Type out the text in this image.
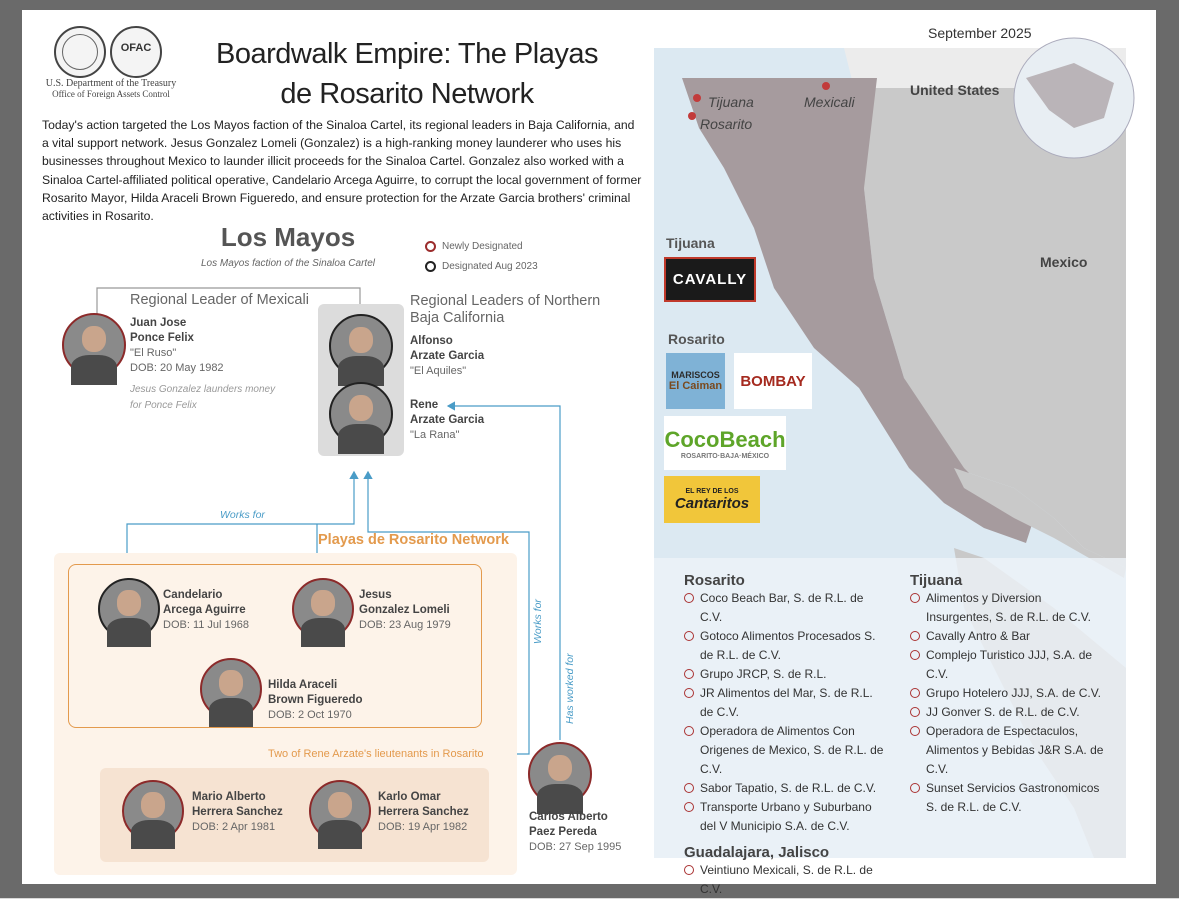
OFAC
U.S. Department of the Treasury
Office of Foreign Assets Control
Boardwalk Empire: The Playas
de Rosarito Network
September 2025
Today's action targeted the Los Mayos faction of the Sinaloa Cartel, its regional leaders in Baja California, and a vital support network. Jesus Gonzalez Lomeli (Gonzalez) is a high-ranking money launderer who uses his businesses throughout Mexico to launder illicit proceeds for the Sinaloa Cartel. Gonzalez also worked with a Sinaloa Cartel-affiliated political operative, Candelario Arcega Aguirre, to corrupt the local government of former Rosarito Mayor, Hilda Araceli Brown Figueredo, and ensure protection for the Arzate Garcia brothers' criminal activities in Rosarito.
Los Mayos
Los Mayos faction of the Sinaloa Cartel
Newly Designated
Designated Aug 2023
Regional Leader of Mexicali
Juan Jose
Ponce Felix
"El Ruso"
DOB: 20 May 1982
Jesus Gonzalez launders money
for Ponce Felix
Regional Leaders of Northern
Baja California
Alfonso
Arzate Garcia
"El Aquiles"
Rene
Arzate Garcia
"La Rana"
Works for
Works for
Has worked for
Playas de Rosarito Network
Candelario
Arcega Aguirre
DOB: 11 Jul 1968
Jesus
Gonzalez Lomeli
DOB: 23 Aug 1979
Hilda Araceli
Brown Figueredo
DOB: 2 Oct 1970
Two of Rene Arzate's lieutenants in Rosarito
Mario Alberto
Herrera Sanchez
DOB: 2 Apr 1981
Karlo Omar
Herrera Sanchez
DOB: 19 Apr 1982
Carlos Alberto
Paez Pereda
DOB: 27 Sep 1995
Tijuana
Rosarito
Mexicali
United States
Mexico
Tijuana
CAVALLY
Rosarito
MARISCOS
El Caiman	BOMBAY
CocoBeach
ROSARITO·BAJA·MÉXICO
EL REY DE LOS
Cantaritos
Rosarito
Coco Beach Bar, S. de R.L. de C.V.
Gotoco Alimentos Procesados S. de R.L. de C.V.
Grupo JRCP, S. de R.L.
JR Alimentos del Mar, S. de R.L. de C.V.
Operadora de Alimentos Con Origenes de Mexico, S. de R.L. de C.V.
Sabor Tapatio, S. de R.L. de C.V.
Transporte Urbano y Suburbano del V Municipio S.A. de C.V.
Guadalajara, Jalisco
Veintiuno Mexicali, S. de R.L. de C.V.
Tijuana
Alimentos y Diversion Insurgentes, S. de R.L. de C.V.
Cavally Antro & Bar
Complejo Turistico JJJ, S.A. de C.V.
Grupo Hotelero JJJ, S.A. de C.V.
JJ Gonver S. de R.L. de C.V.
Operadora de Espectaculos, Alimentos y Bebidas J&R S.A. de C.V.
Sunset Servicios Gastronomicos S. de R.L. de C.V.
